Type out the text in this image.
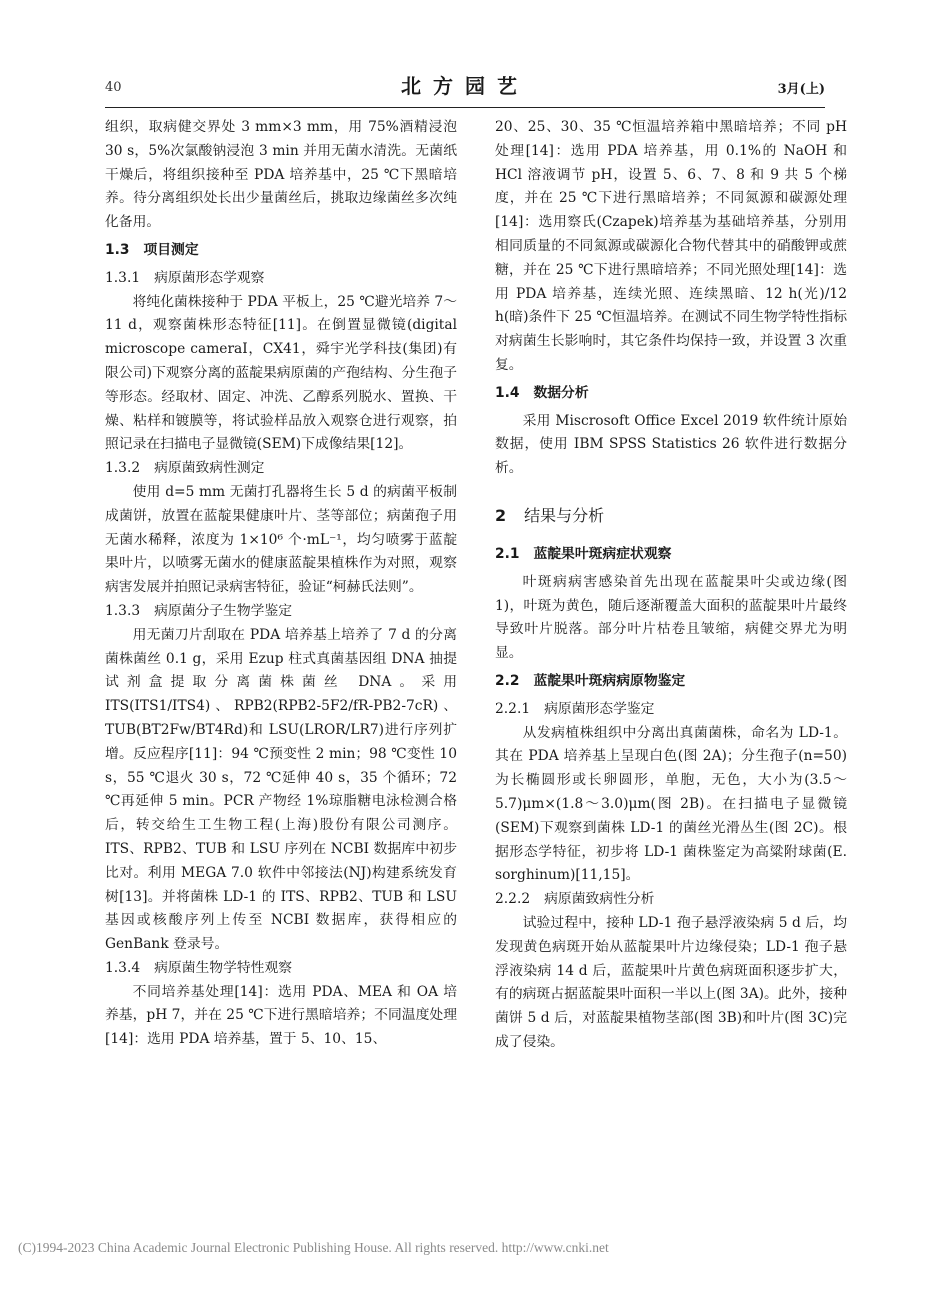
40	北方园艺	3月(上)

组织，取病健交界处 3 mm×3 mm，用 75%酒精浸泡 30 s，5%次氯酸钠浸泡 3 min 并用无菌水清洗。无菌纸干燥后，将组织接种至 PDA 培养基中，25 ℃下黑暗培养。待分离组织处长出少量菌丝后，挑取边缘菌丝多次纯化备用。

1.3 项目测定
1.3.1 病原菌形态学观察

将纯化菌株接种于 PDA 平板上，25 ℃避光培养 7～11 d，观察菌株形态特征[11]。在倒置显微镜(digital microscope cameraI，CX41，舜宇光学科技(集团)有限公司)下观察分离的蓝靛果病原菌的产孢结构、分生孢子等形态。经取材、固定、冲洗、乙醇系列脱水、置换、干燥、粘样和镀膜等，将试验样品放入观察仓进行观察，拍照记录在扫描电子显微镜(SEM)下成像结果[12]。

1.3.2 病原菌致病性测定

使用 d=5 mm 无菌打孔器将生长 5 d 的病菌平板制成菌饼，放置在蓝靛果健康叶片、茎等部位；病菌孢子用无菌水稀释，浓度为 1×10⁶ 个·mL⁻¹，均匀喷雾于蓝靛果叶片，以喷雾无菌水的健康蓝靛果植株作为对照，观察病害发展并拍照记录病害特征，验证“柯赫氏法则”。

1.3.3 病原菌分子生物学鉴定

用无菌刀片刮取在 PDA 培养基上培养了 7 d 的分离菌株菌丝 0.1 g，采用 Ezup 柱式真菌基因组 DNA 抽提试剂盒提取分离菌株菌丝 DNA。采用 ITS(ITS1/ITS4)、RPB2(RPB2-5F2/fR-PB2-7cR)、TUB(BT2Fw/BT4Rd)和 LSU(LROR/LR7)进行序列扩增。反应程序[11]：94 ℃预变性 2 min；98 ℃变性 10 s，55 ℃退火 30 s，72 ℃延伸 40 s，35 个循环；72 ℃再延伸 5 min。PCR 产物经 1%琼脂糖电泳检测合格后，转交给生工生物工程(上海)股份有限公司测序。ITS、RPB2、TUB 和 LSU 序列在 NCBI 数据库中初步比对。利用 MEGA 7.0 软件中邻接法(NJ)构建系统发育树[13]。并将菌株 LD-1 的 ITS、RPB2、TUB 和 LSU 基因或核酸序列上传至 NCBI 数据库，获得相应的 GenBank 登录号。

1.3.4 病原菌生物学特性观察

不同培养基处理[14]：选用 PDA、MEA 和 OA 培养基，pH 7，并在 25 ℃下进行黑暗培养；不同温度处理[14]：选用 PDA 培养基，置于 5、10、15、

20、25、30、35 ℃恒温培养箱中黑暗培养；不同 pH 处理[14]：选用 PDA 培养基，用 0.1%的 NaOH 和 HCl 溶液调节 pH，设置 5、6、7、8 和 9 共 5 个梯度，并在 25 ℃下进行黑暗培养；不同氮源和碳源处理[14]：选用察氏(Czapek)培养基为基础培养基，分别用相同质量的不同氮源或碳源化合物代替其中的硝酸钾或蔗糖，并在 25 ℃下进行黑暗培养；不同光照处理[14]：选用 PDA 培养基，连续光照、连续黑暗、12 h(光)/12 h(暗)条件下 25 ℃恒温培养。在测试不同生物学特性指标对病菌生长影响时，其它条件均保持一致，并设置 3 次重复。

1.4 数据分析

采用 Miscrosoft Office Excel 2019 软件统计原始数据，使用 IBM SPSS Statistics 26 软件进行数据分析。

2 结果与分析
2.1 蓝靛果叶斑病症状观察

叶斑病病害感染首先出现在蓝靛果叶尖或边缘(图 1)，叶斑为黄色，随后逐渐覆盖大面积的蓝靛果叶片最终导致叶片脱落。部分叶片枯卷且皱缩，病健交界尤为明显。

2.2 蓝靛果叶斑病病原物鉴定
2.2.1 病原菌形态学鉴定

从发病植株组织中分离出真菌菌株，命名为 LD-1。其在 PDA 培养基上呈现白色(图 2A)；分生孢子(n=50)为长椭圆形或长卵圆形，单胞，无色，大小为(3.5～5.7)μm×(1.8～3.0)μm(图 2B)。在扫描电子显微镜(SEM)下观察到菌株 LD-1 的菌丝光滑丛生(图 2C)。根据形态学特征，初步将 LD-1 菌株鉴定为高粱附球菌(E. sorghinum)[11,15]。

2.2.2 病原菌致病性分析

试验过程中，接种 LD-1 孢子悬浮液染病 5 d 后，均发现黄色病斑开始从蓝靛果叶片边缘侵染；LD-1 孢子悬浮液染病 14 d 后，蓝靛果叶片黄色病斑面积逐步扩大，有的病斑占据蓝靛果叶面积一半以上(图 3A)。此外，接种菌饼 5 d 后，对蓝靛果植物茎部(图 3B)和叶片(图 3C)完成了侵染。

(C)1994-2023 China Academic Journal Electronic Publishing House. All rights reserved. http://www.cnki.net
